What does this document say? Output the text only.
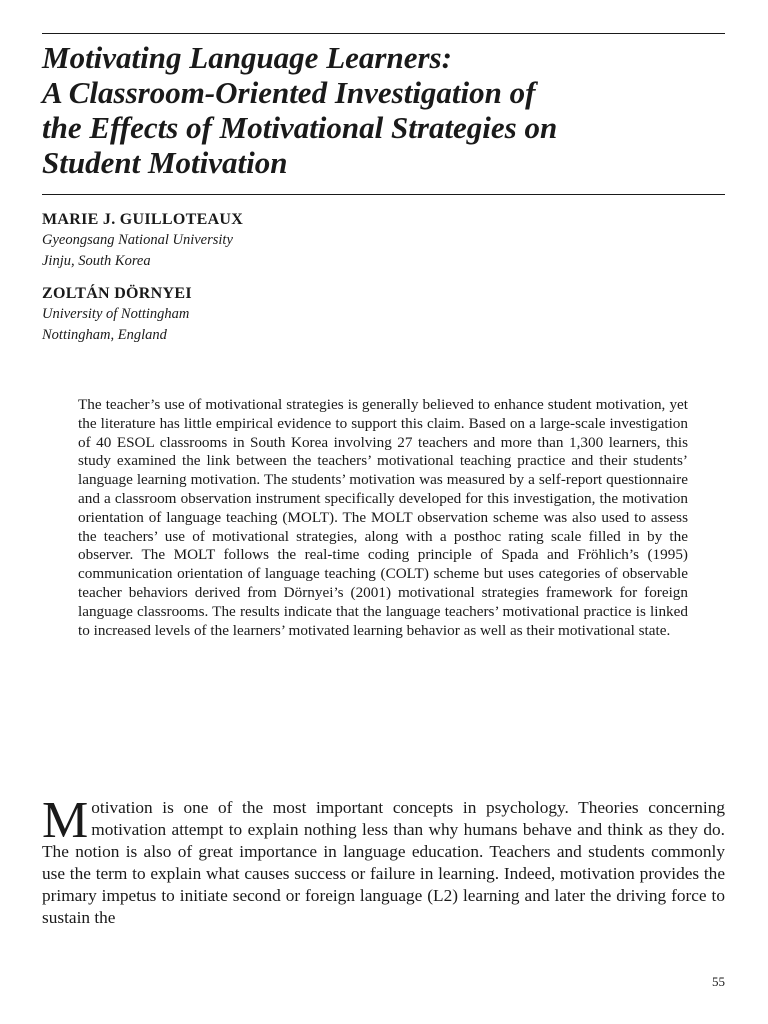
Motivating Language Learners:
A Classroom-Oriented Investigation of
the Effects of Motivational Strategies on
Student Motivation
MARIE J. GUILLOTEAUX
Gyeongsang National University
Jinju, South Korea
ZOLTÁN DÖRNYEI
University of Nottingham
Nottingham, England

The teacher’s use of motivational strategies is generally believed to enhance student motivation, yet the literature has little empirical evidence to support this claim. Based on a large-scale investigation of 40 ESOL classrooms in South Korea involving 27 teachers and more than 1,300 learners, this study examined the link between the teachers’ motivational teaching practice and their students’ language learning motivation. The students’ motivation was measured by a self-report questionnaire and a classroom observation instrument specifically developed for this investigation, the motivation orientation of language teaching (MOLT). The MOLT observation scheme was also used to assess the teachers’ use of motivational strategies, along with a posthoc rating scale filled in by the observer. The MOLT follows the real-time coding principle of Spada and Fröhlich’s (1995) communication orientation of language teaching (COLT) scheme but uses categories of observable teacher behaviors derived from Dörnyei’s (2001) motivational strategies framework for foreign language classrooms. The results indicate that the language teachers’ motivational practice is linked to increased levels of the learners’ motivated learning behavior as well as their motivational state.

Motivation is one of the most important concepts in psychology. Theories concerning motivation attempt to explain nothing less than why humans behave and think as they do. The notion is also of great importance in language education. Teachers and students commonly use the term to explain what causes success or failure in learning. Indeed, motivation provides the primary impetus to initiate second or foreign language (L2) learning and later the driving force to sustain the

55
